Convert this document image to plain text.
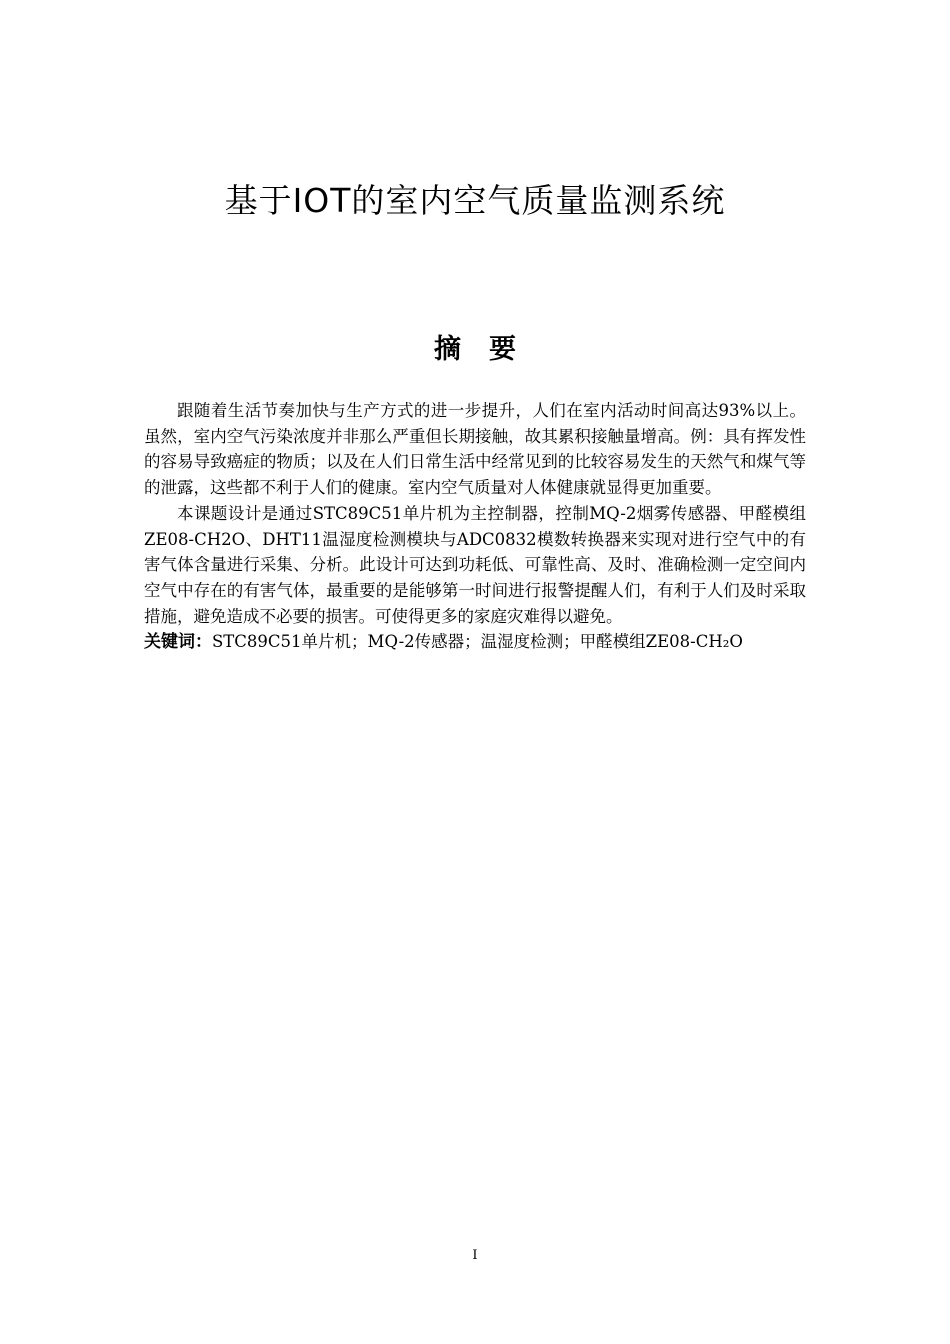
基于IOT的室内空气质量监测系统
摘要

跟随着生活节奏加快与生产方式的进一步提升，人们在室内活动时间高达93%以上。虽然，室内空气污染浓度并非那么严重但长期接触，故其累积接触量增高。例：具有挥发性的容易导致癌症的物质；以及在人们日常生活中经常见到的比较容易发生的天然气和煤气等的泄露，这些都不利于人们的健康。室内空气质量对人体健康就显得更加重要。

本课题设计是通过STC89C51单片机为主控制器，控制MQ-2烟雾传感器、甲醛模组ZE08-CH2O、DHT11温湿度检测模块与ADC0832模数转换器来实现对进行空气中的有害气体含量进行采集、分析。此设计可达到功耗低、可靠性高、及时、准确检测一定空间内空气中存在的有害气体，最重要的是能够第一时间进行报警提醒人们，有利于人们及时采取措施，避免造成不必要的损害。可使得更多的家庭灾难得以避免。

关键词：STC89C51单片机；MQ-2传感器；温湿度检测；甲醛模组ZE08-CH₂O

I
